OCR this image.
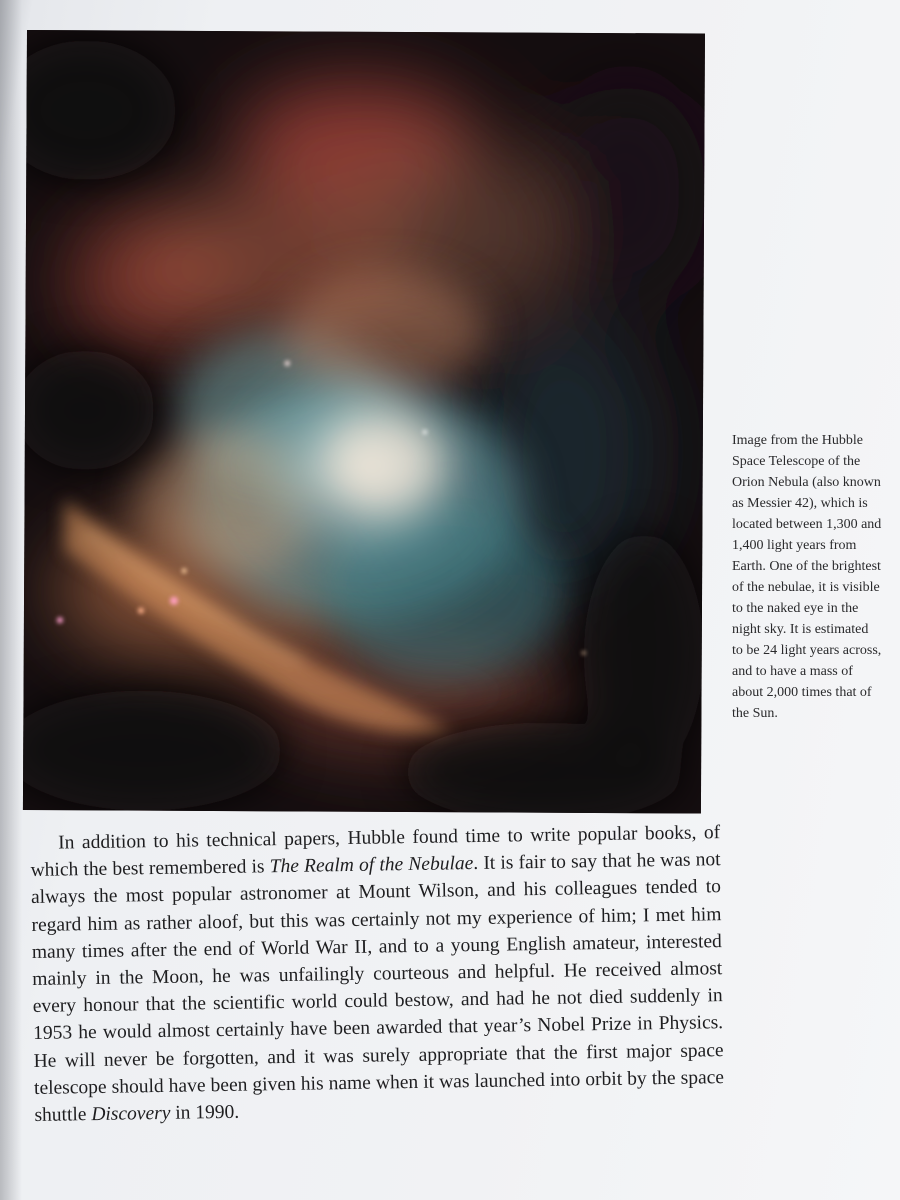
Image from the Hubble Space Telescope of the Orion Nebula (also known as Messier 42), which is located between 1,300 and 1,400 light years from Earth. One of the brightest of the nebulae, it is visible to the naked eye in the night sky. It is estimated to be 24 light years across, and to have a mass of about 2,000 times that of the Sun.

In addition to his technical papers, Hubble found time to write popular books, of which the best remembered is The Realm of the Nebulae. It is fair to say that he was not always the most popular astronomer at Mount Wilson, and his colleagues tended to regard him as rather aloof, but this was certainly not my experience of him; I met him many times after the end of World War II, and to a young English amateur, interested mainly in the Moon, he was unfailingly courteous and helpful. He received almost every honour that the scientific world could bestow, and had he not died suddenly in 1953 he would almost certainly have been awarded that year’s Nobel Prize in Physics. He will never be forgotten, and it was surely appropriate that the first major space telescope should have been given his name when it was launched into orbit by the space shuttle Discovery in 1990.
